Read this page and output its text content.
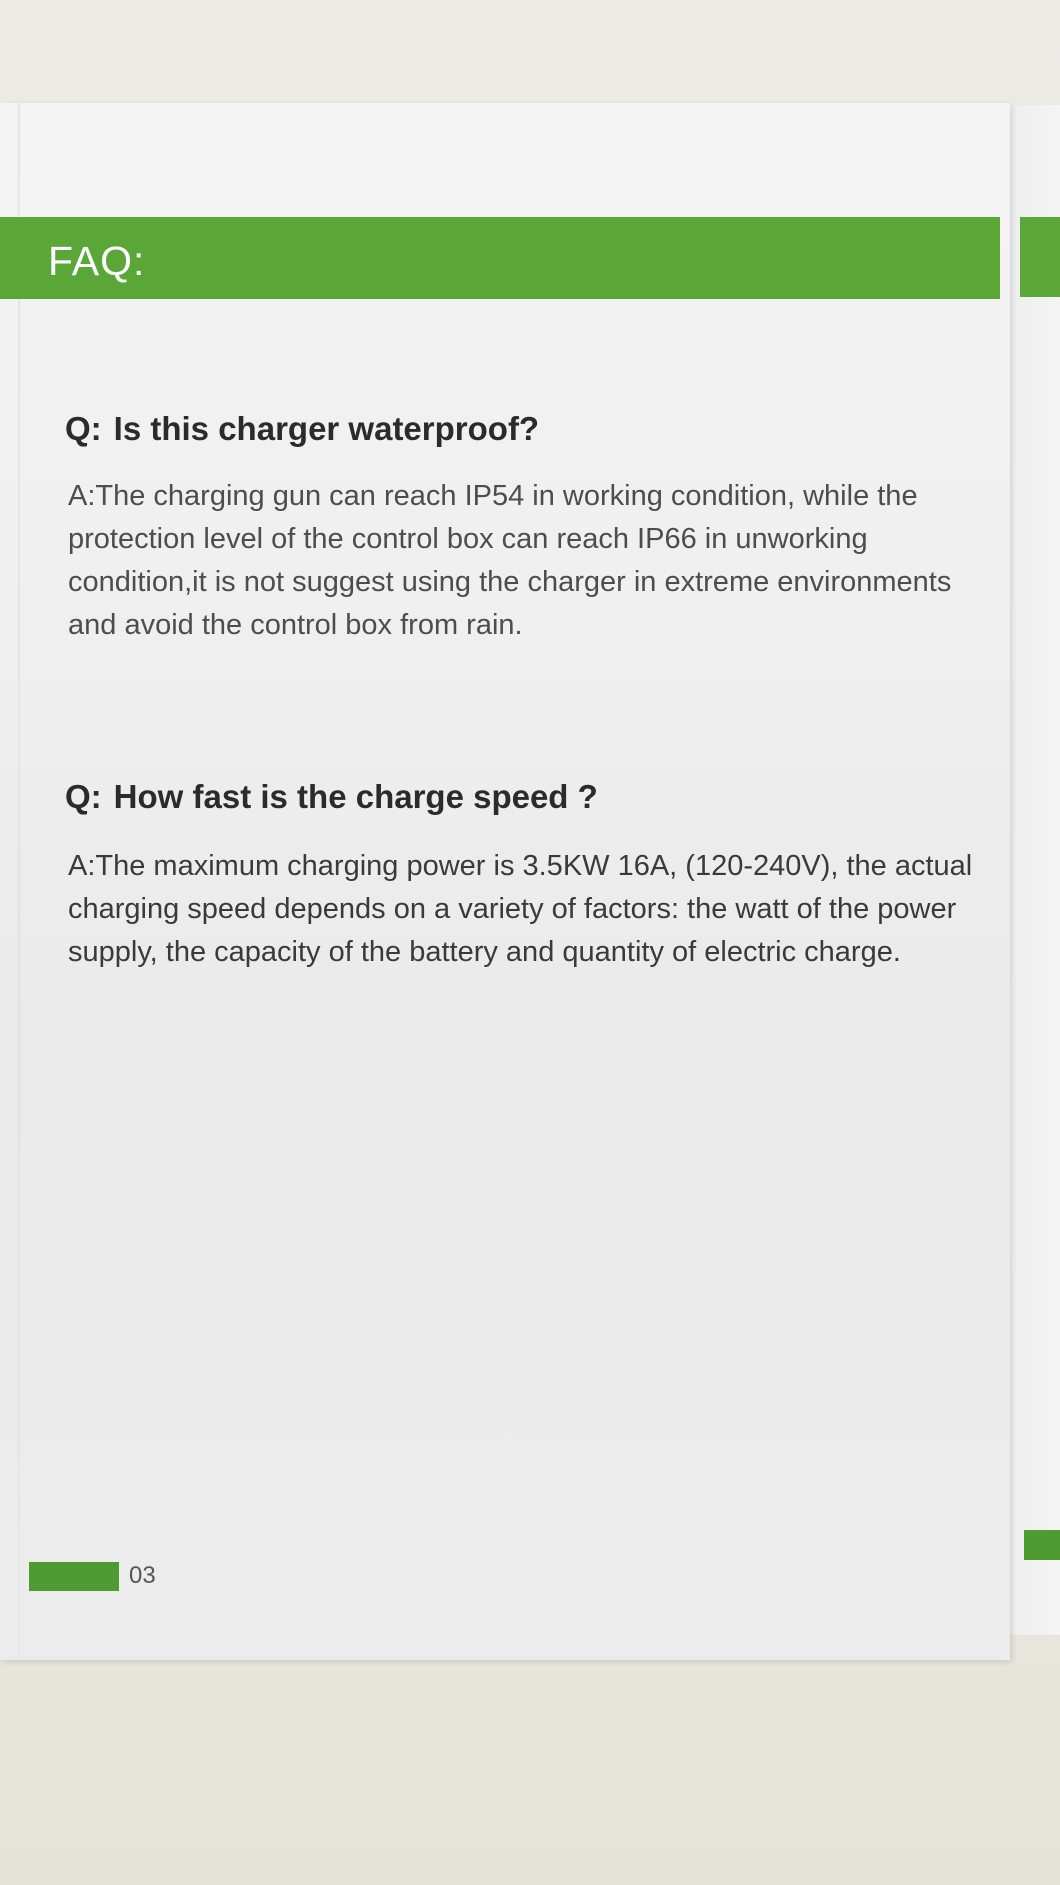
FAQ:
Q: Is this charger waterproof?
A:The charging gun can reach IP54 in working condition, while the protection level of the control box can reach IP66 in unworking condition,it is not suggest using the charger in extreme environments and avoid the control box from rain.
Q: How fast is the charge speed ?
A:The maximum charging power is 3.5KW 16A, (120-240V), the actual charging speed depends on a variety of factors: the watt of the power supply, the capacity of the battery and quantity of electric charge.
03
